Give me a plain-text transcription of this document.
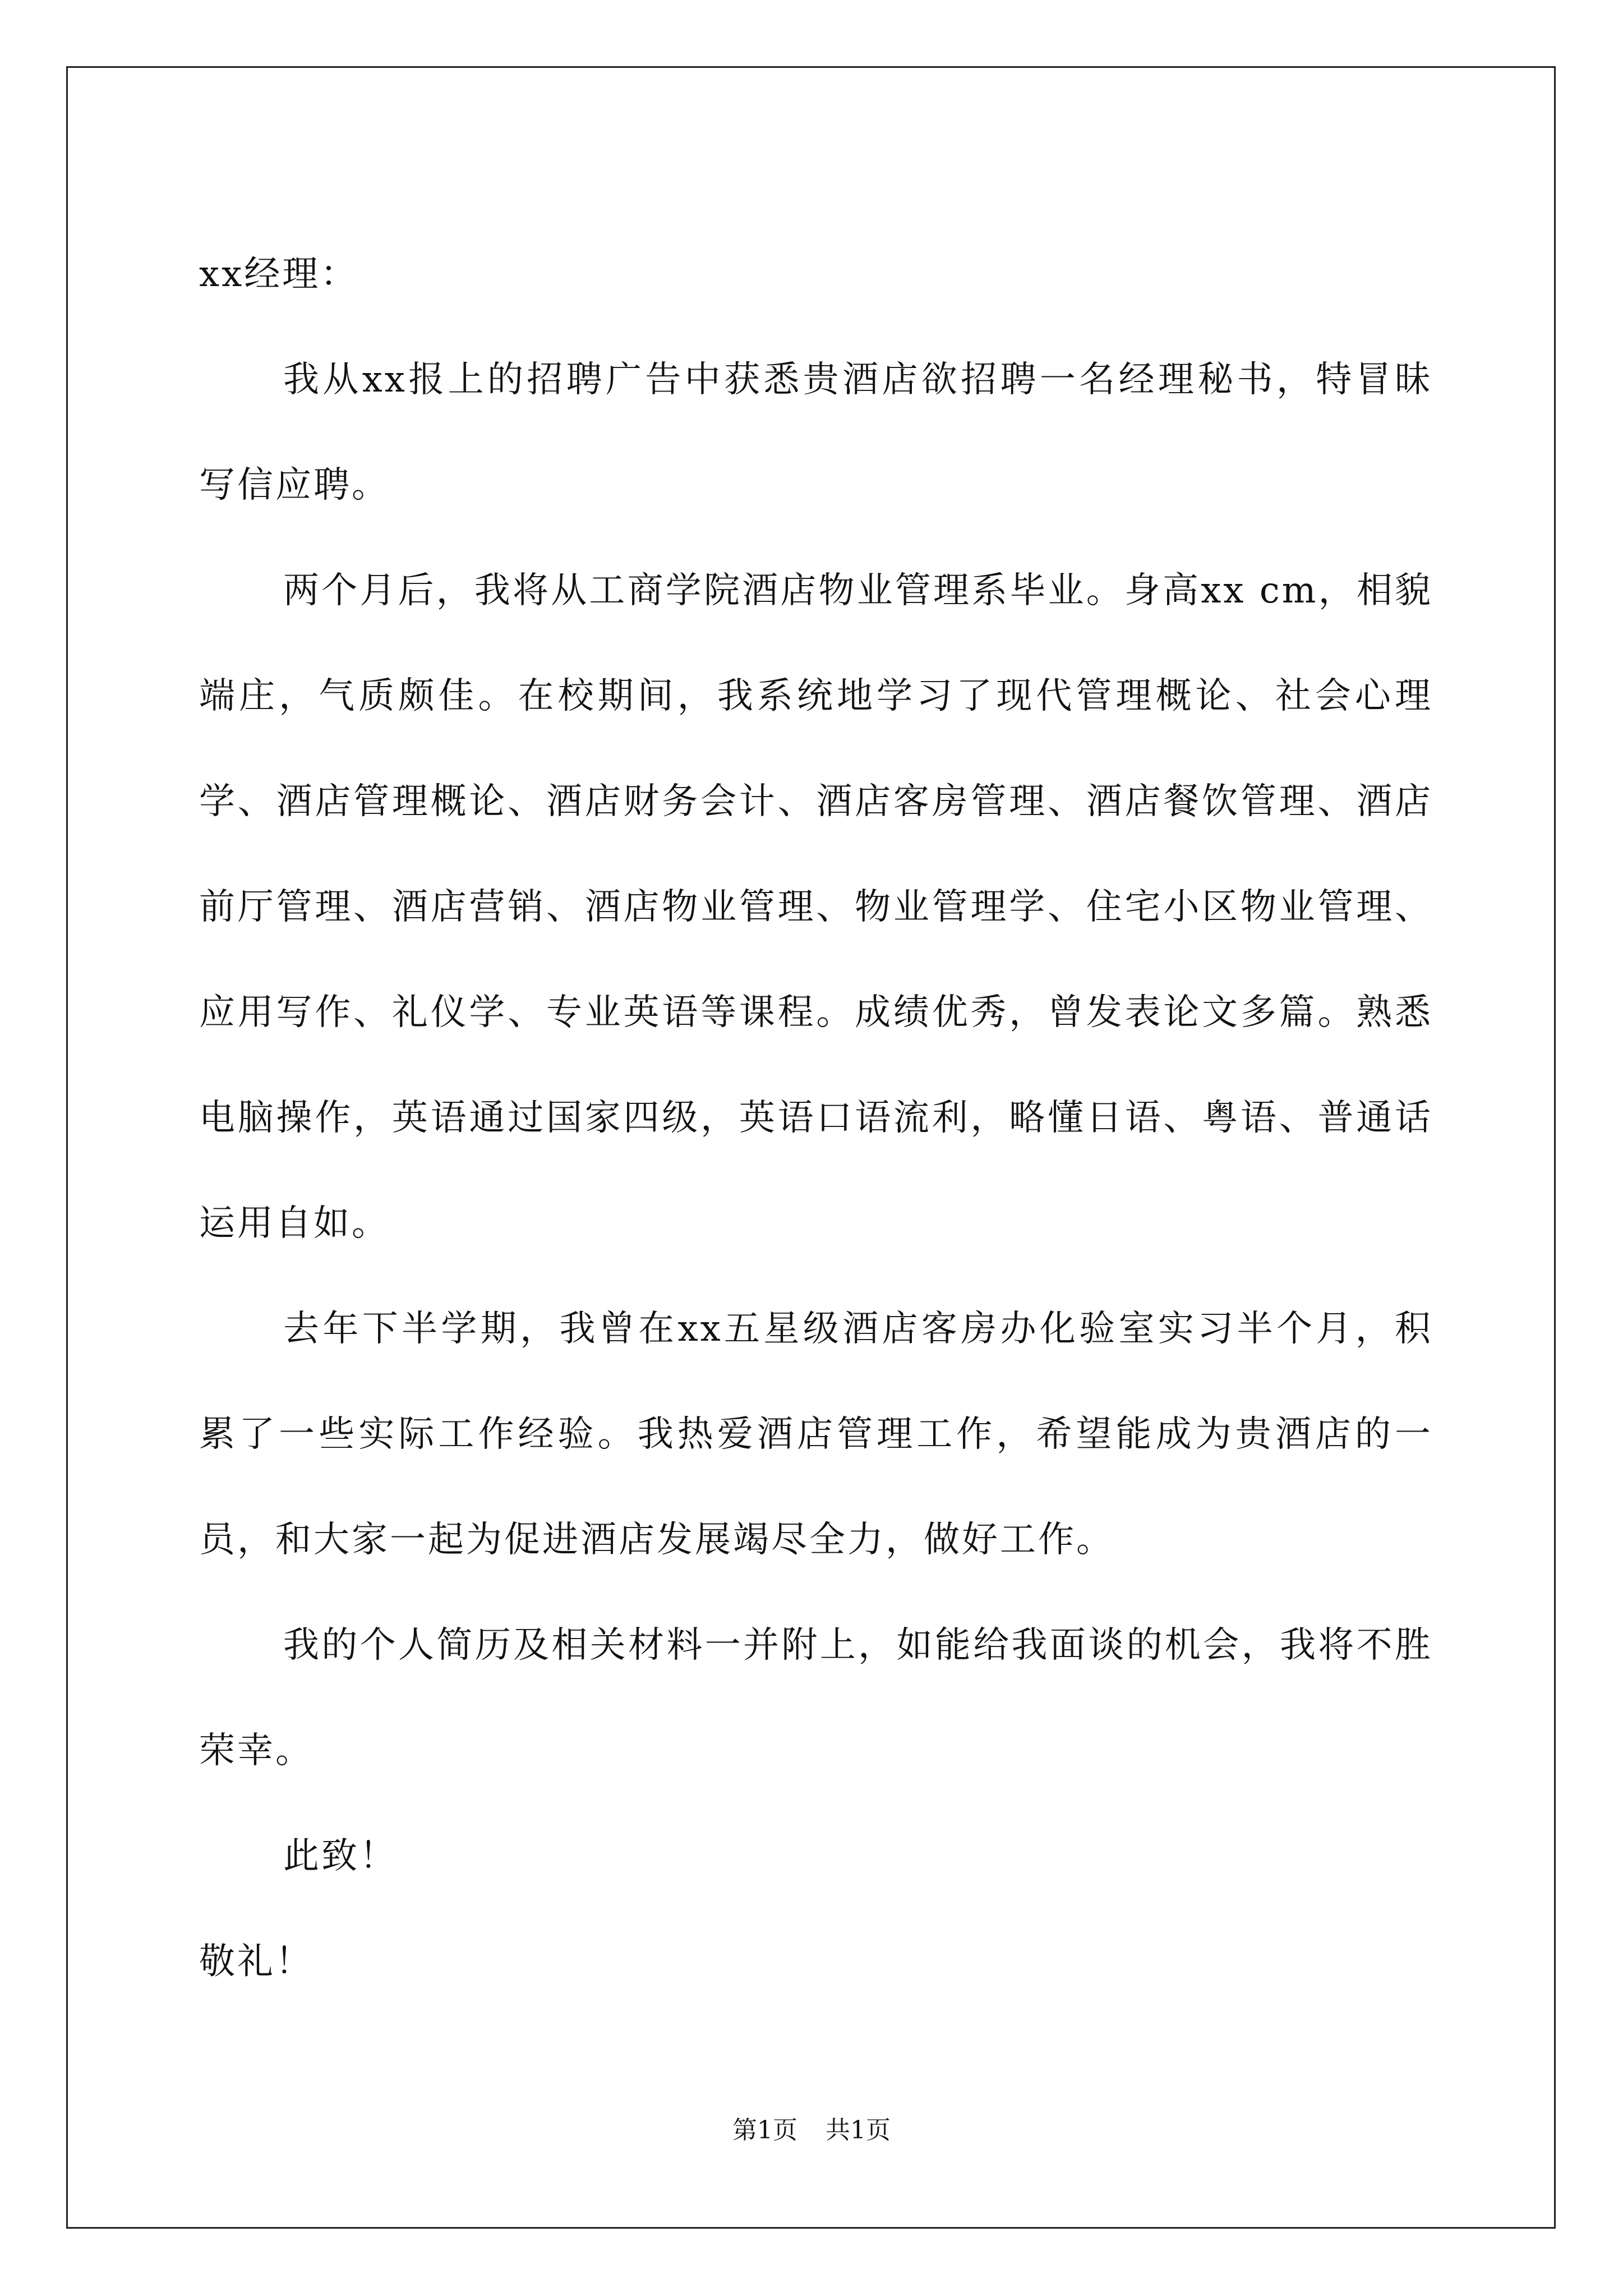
xx经理：

我从xx报上的招聘广告中获悉贵酒店欲招聘一名经理秘书，特冒昧写信应聘。

两个月后，我将从工商学院酒店物业管理系毕业。身高xx cm，相貌端庄，气质颇佳。在校期间，我系统地学习了现代管理概论、社会心理学、酒店管理概论、酒店财务会计、酒店客房管理、酒店餐饮管理、酒店前厅管理、酒店营销、酒店物业管理、物业管理学、住宅小区物业管理、应用写作、礼仪学、专业英语等课程。成绩优秀，曾发表论文多篇。熟悉电脑操作，英语通过国家四级，英语口语流利，略懂日语、粤语、普通话运用自如。

去年下半学期，我曾在xx五星级酒店客房办化验室实习半个月，积累了一些实际工作经验。我热爱酒店管理工作，希望能成为贵酒店的一员，和大家一起为促进酒店发展竭尽全力，做好工作。

我的个人简历及相关材料一并附上，如能给我面谈的机会，我将不胜荣幸。

此致！

敬礼！

第1页 共1页
